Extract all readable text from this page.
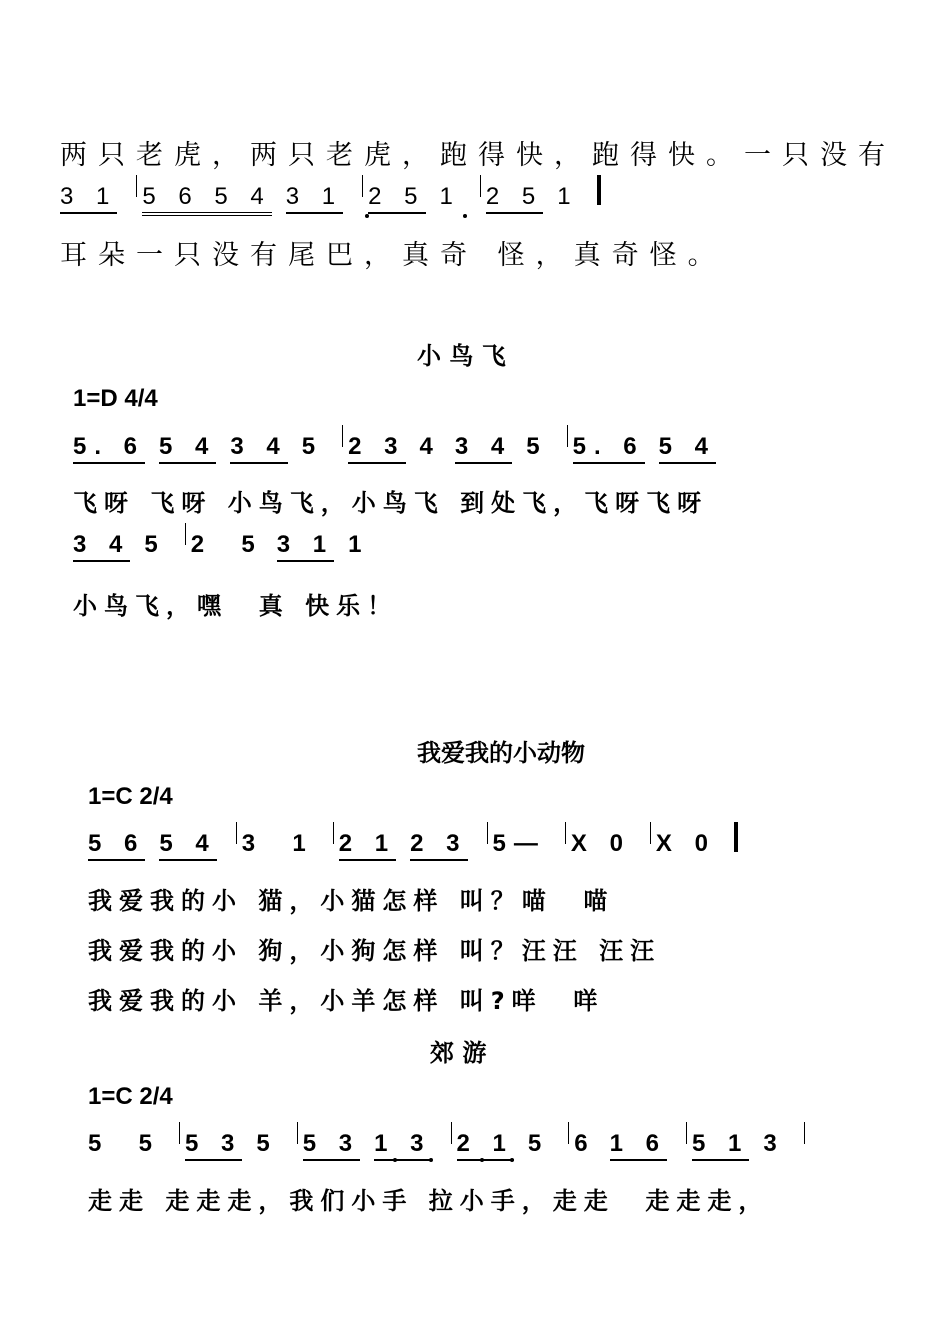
两只老虎，两只老虎，跑得快，跑得快。一只没有
3 1 5 6 5 4 3 1 2 5 1 2 5 1
耳朵一只没有尾巴，真奇 怪，真奇怪。
小 鸟 飞
1=D 4/4
5. 6 5 4 3 4 5 2 3 4 3 4 5 5. 6 5 4
飞呀 飞呀 小鸟飞，小鸟飞 到处飞，飞呀飞呀
3 4 5 2  5 3 1 1
小鸟飞，嘿  真 快乐！
我爱我的小动物
1=C 2/4
5 6 5 4 3  1 2 1 2 3 5— X 0 X 0
我爱我的小 猫，小猫怎样 叫？喵  喵
我爱我的小 狗，小狗怎样 叫？汪汪 汪汪
我爱我的小 羊，小羊怎样 叫?咩  咩
郊 游
1=C 2/4
5  5 5 3 5 5 3 1 3 2 1 5 6 1 6 5 1 3
走走 走走走，我们小手 拉小手，走走  走走走，
